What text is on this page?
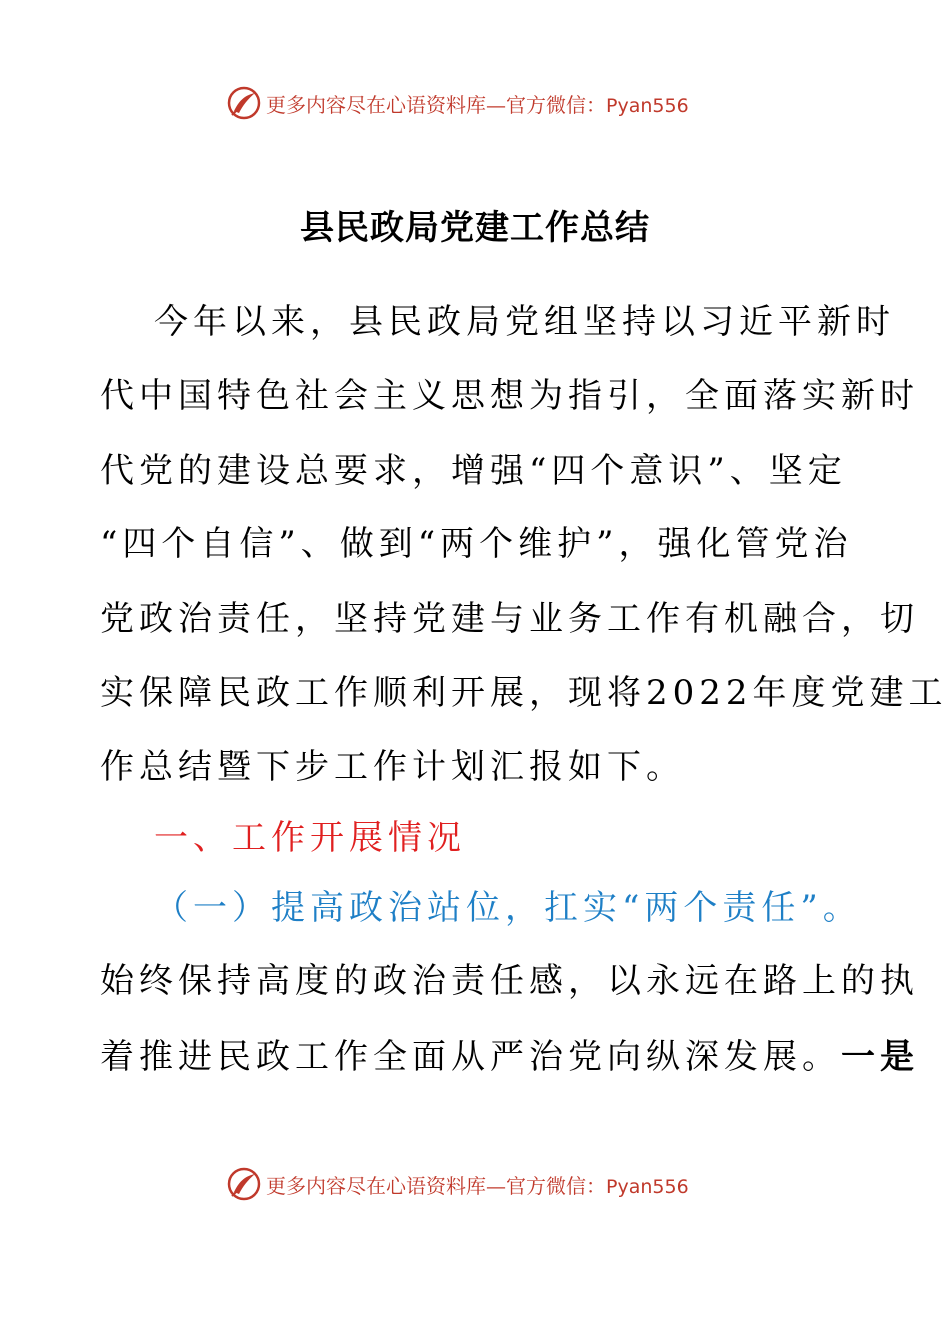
更多内容尽在心语资料库—官方微信：Pyan556
县民政局党建工作总结
今年以来，县民政局党组坚持以习近平新时
代中国特色社会主义思想为指引，全面落实新时
代党的建设总要求，增强“四个意识”、坚定
“四个自信”、做到“两个维护”，强化管党治
党政治责任，坚持党建与业务工作有机融合，切
实保障民政工作顺利开展，现将2022年度党建工
作总结暨下步工作计划汇报如下。
一、工作开展情况
（一）提高政治站位，扛实“两个责任”。
始终保持高度的政治责任感，以永远在路上的执
着推进民政工作全面从严治党向纵深发展。一是
更多内容尽在心语资料库—官方微信：Pyan556
